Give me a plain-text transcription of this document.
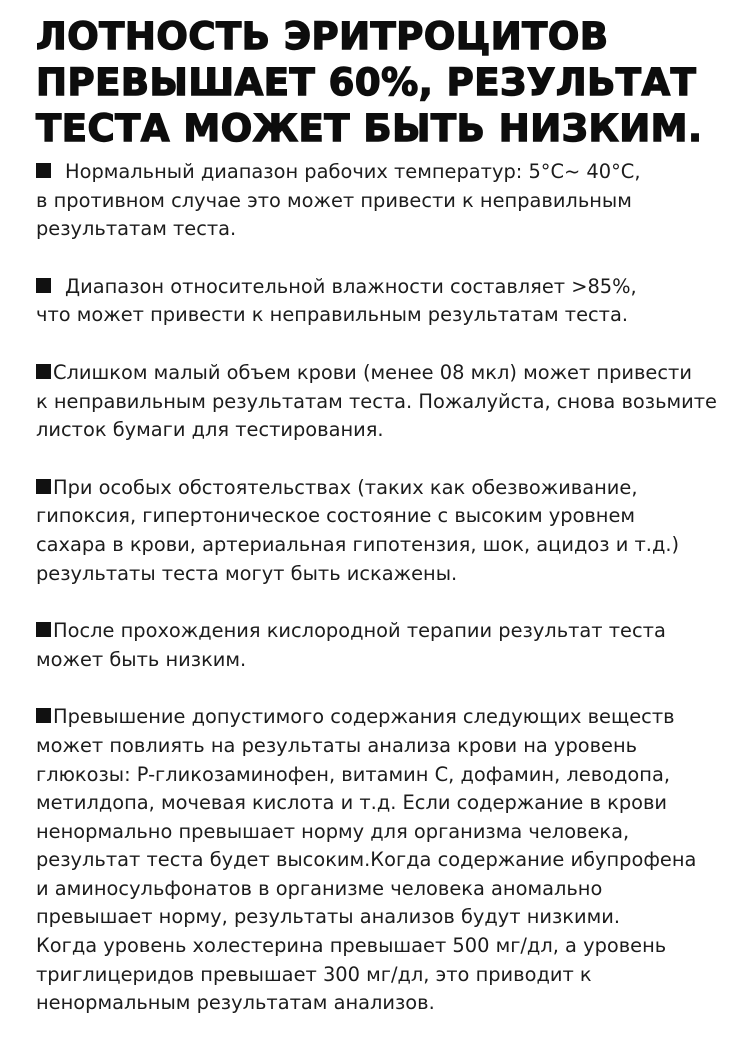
ЛОТНОСТЬ ЭРИТРОЦИТОВ
ПРЕВЫШАЕТ 60%, РЕЗУЛЬТАТ
ТЕСТА МОЖЕТ БЫТЬ НИЗКИМ.

Нормальный диапазон рабочих температур: 5°C~ 40°C,
в противном случае это может привести к неправильным
результатам теста.

Диапазон относительной влажности составляет >85%,
что может привести к неправильным результатам теста.

Слишком малый объем крови (менее 08 мкл) может привести
к неправильным результатам теста. Пожалуйста, снова возьмите
листок бумаги для тестирования.

При особых обстоятельствах (таких как обезвоживание,
гипоксия, гипертоническое состояние с высоким уровнем
сахара в крови, артериальная гипотензия, шок, ацидоз и т.д.)
результаты теста могут быть искажены.

После прохождения кислородной терапии результат теста
может быть низким.

Превышение допустимого содержания следующих веществ
может повлиять на результаты анализа крови на уровень
глюкозы: P-гликозаминофен, витамин C, дофамин, леводопа,
метилдопа, мочевая кислота и т.д. Если содержание в крови
ненормально превышает норму для организма человека,
результат теста будет высоким.Когда содержание ибупрофена
и аминосульфонатов в организме человека аномально
превышает норму, результаты анализов будут низкими.
Когда уровень холестерина превышает 500 мг/дл, а уровень
триглицеридов превышает 300 мг/дл, это приводит к
ненормальным результатам анализов.
